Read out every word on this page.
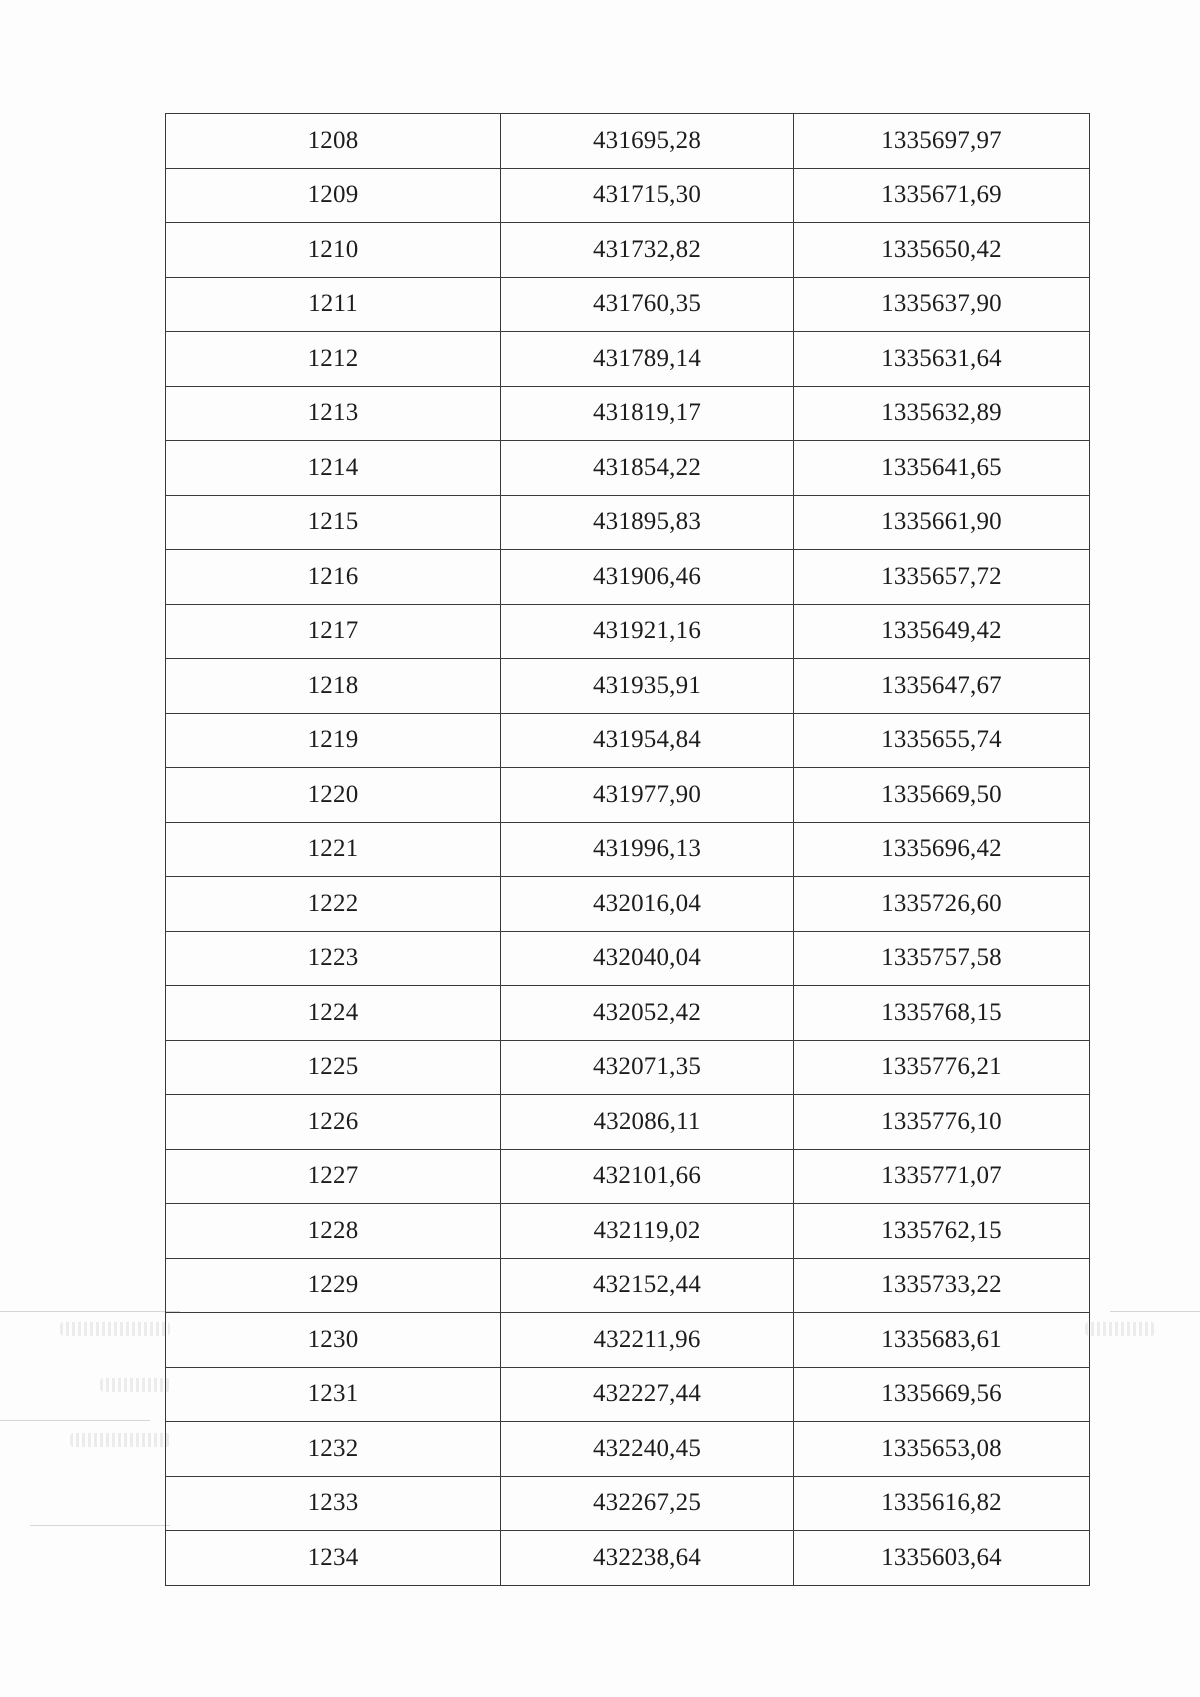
1208	431695,28	1335697,97
1209	431715,30	1335671,69
1210	431732,82	1335650,42
1211	431760,35	1335637,90
1212	431789,14	1335631,64
1213	431819,17	1335632,89
1214	431854,22	1335641,65
1215	431895,83	1335661,90
1216	431906,46	1335657,72
1217	431921,16	1335649,42
1218	431935,91	1335647,67
1219	431954,84	1335655,74
1220	431977,90	1335669,50
1221	431996,13	1335696,42
1222	432016,04	1335726,60
1223	432040,04	1335757,58
1224	432052,42	1335768,15
1225	432071,35	1335776,21
1226	432086,11	1335776,10
1227	432101,66	1335771,07
1228	432119,02	1335762,15
1229	432152,44	1335733,22
1230	432211,96	1335683,61
1231	432227,44	1335669,56
1232	432240,45	1335653,08
1233	432267,25	1335616,82
1234	432238,64	1335603,64
